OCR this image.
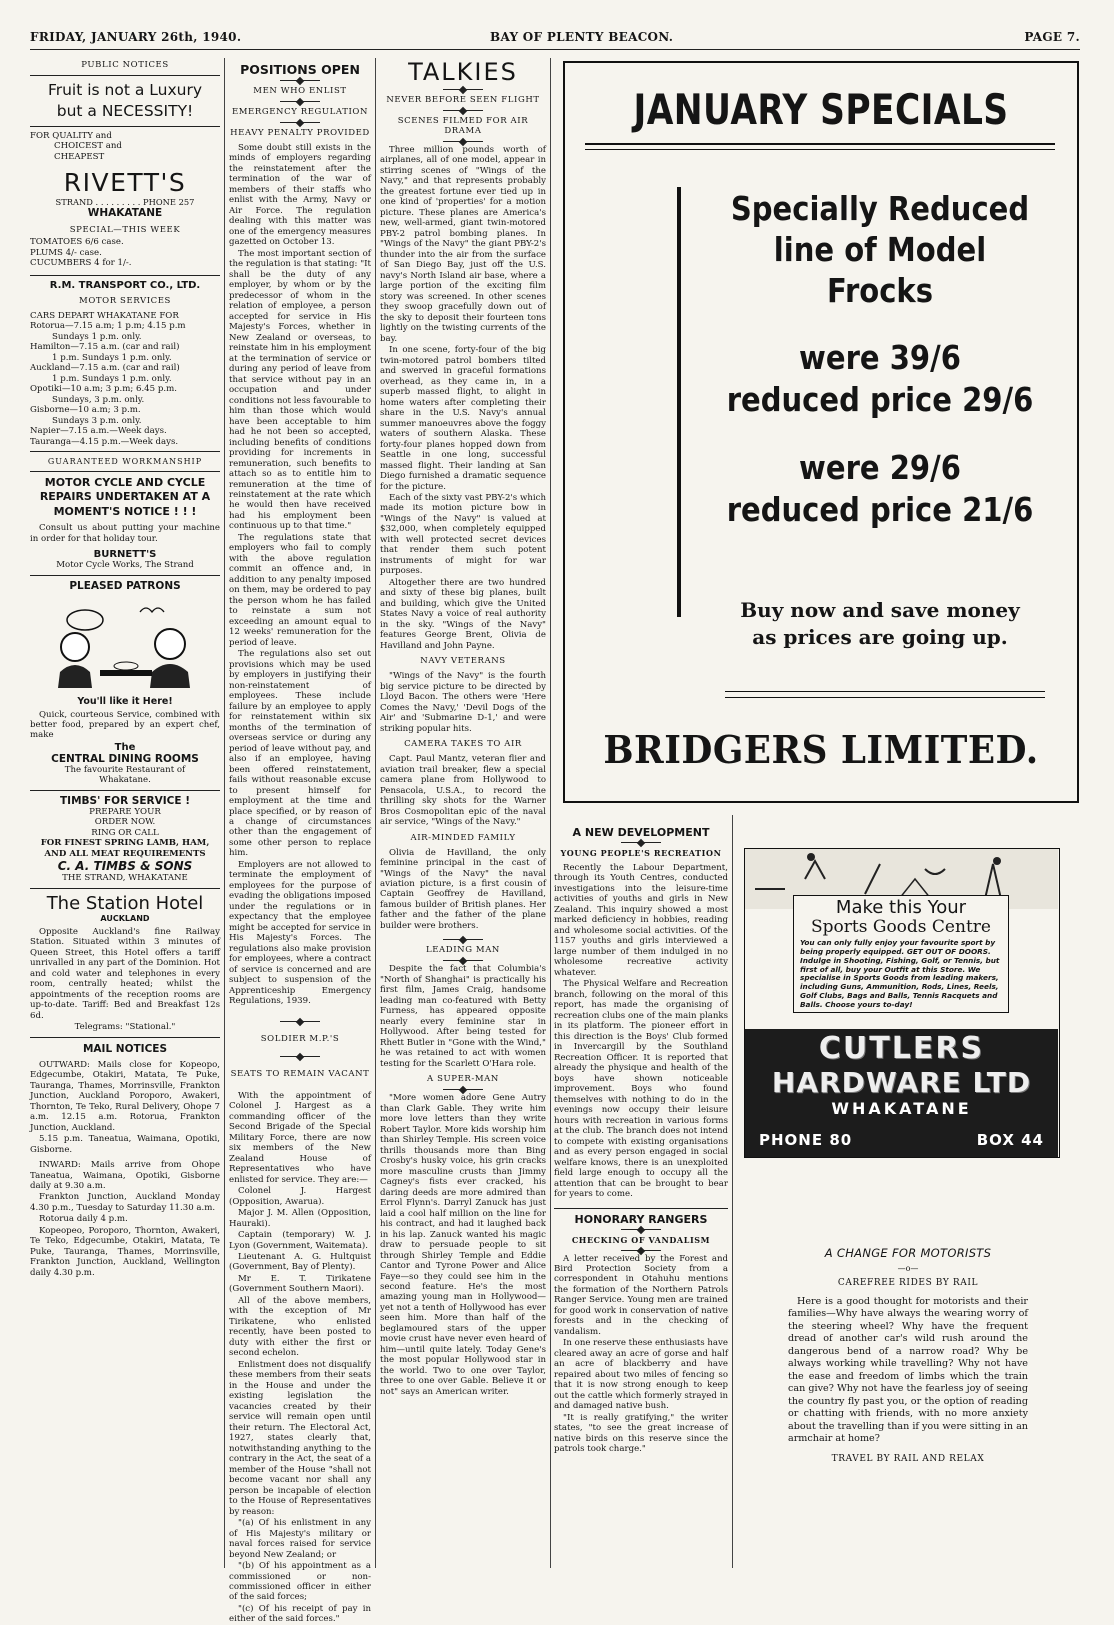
FRIDAY, JANUARY 26th, 1940.	BAY OF PLENTY BEACON.	PAGE 7.
PUBLIC NOTICES
Fruit is not a Luxury
but a NECESSITY!
FOR QUALITY and
CHOICEST and
CHEAPEST
RIVETT'S
STRAND . . . . . . . . . PHONE 257
WHAKATANE
SPECIAL—THIS WEEK
TOMATOES 6/6 case.
PLUMS 4/- case.
CUCUMBERS 4 for 1/-.
R.M. TRANSPORT CO., LTD.
MOTOR SERVICES
CARS DEPART WHAKATANE FOR
Rotorua—7.15 a.m; 1 p.m; 4.15 p.m
Sundays 1 p.m. only.
Hamilton—7.15 a.m. (car and rail)
1 p.m. Sundays 1 p.m. only.
Auckland—7.15 a.m. (car and rail)
1 p.m. Sundays 1 p.m. only.
Opotiki—10 a.m; 3 p.m; 6.45 p.m.
Sundays, 3 p.m. only.
Gisborne—10 a.m; 3 p.m.
Sundays 3 p.m. only.
Napier—7.15 a.m.—Week days.
Tauranga—4.15 p.m.—Week days.
GUARANTEED WORKMANSHIP
MOTOR CYCLE AND CYCLE REPAIRS UNDERTAKEN AT A MOMENT'S NOTICE ! ! !

Consult us about putting your machine in order for that holiday tour.

BURNETT'S
Motor Cycle Works, The Strand
PLEASED PATRONS
You'll like it Here!

Quick, courteous Service, combined with better food, prepared by an expert chef, make

The
CENTRAL DINING ROOMS
The favourite Restaurant of Whakatane.
TIMBS' FOR SERVICE !
PREPARE YOUR
ORDER NOW.
RING OR CALL
FOR FINEST SPRING LAMB, HAM, AND ALL MEAT REQUIREMENTS
C. A. TIMBS & SONS
THE STRAND, WHAKATANE
The Station Hotel
AUCKLAND

Opposite Auckland's fine Railway Station. Situated within 3 minutes of Queen Street, this Hotel offers a tariff unrivalled in any part of the Dominion. Hot and cold water and telephones in every room, centrally heated; whilst the appointments of the reception rooms are up-to-date. Tariff: Bed and Breakfast 12s 6d.

Telegrams: "Stational."
MAIL NOTICES

OUTWARD: Mails close for Kopeopo, Edgecumbe, Otakiri, Matata, Te Puke, Tauranga, Thames, Morrinsville, Frankton Junction, Auckland Poroporo, Awakeri, Thornton, Te Teko, Rural Delivery, Ohope 7 a.m. 12.15 a.m. Rotorua, Frankton Junction, Auckland.

5.15 p.m. Taneatua, Waimana, Opotiki, Gisborne.

INWARD: Mails arrive from Ohope Taneatua, Waimana, Opotiki, Gisborne daily at 9.30 a.m.

Frankton Junction, Auckland Monday 4.30 p.m., Tuesday to Saturday 11.30 a.m.

Rotorua daily 4 p.m.

Kopeopeo, Poroporo, Thornton, Awakeri, Te Teko, Edgecumbe, Otakiri, Matata, Te Puke, Tauranga, Thames, Morrinsville, Frankton Junction, Auckland, Wellington daily 4.30 p.m.

POSITIONS OPEN
MEN WHO ENLIST
EMERGENCY REGULATION
HEAVY PENALTY PROVIDED

Some doubt still exists in the minds of employers regarding the reinstatement after the termination of the war of members of their staffs who enlist with the Army, Navy or Air Force. The regulation dealing with this matter was one of the emergency measures gazetted on October 13.

The most important section of the regulation is that stating: "It shall be the duty of any employer, by whom or by the predecessor of whom in the relation of employee, a person accepted for service in His Majesty's Forces, whether in New Zealand or overseas, to reinstate him in his employment at the termination of service or during any period of leave from that service without pay in an occupation and under conditions not less favourable to him than those which would have been acceptable to him had he not been so accepted, including benefits of conditions providing for increments in remuneration, such benefits to attach so as to entitle him to remuneration at the time of reinstatement at the rate which he would then have received had his employment been continuous up to that time."

The regulations state that employers who fail to comply with the above regulation commit an offence and, in addition to any penalty imposed on them, may be ordered to pay the person whom he has failed to reinstate a sum not exceeding an amount equal to 12 weeks' remuneration for the period of leave.

The regulations also set out provisions which may be used by employers in justifying their non-reinstatement of employees. These include failure by an employee to apply for reinstatement within six months of the termination of overseas service or during any period of leave without pay, and also if an employee, having been offered reinstatement, fails without reasonable excuse to present himself for employment at the time and place specified, or by reason of a change of circumstances other than the engagement of some other person to replace him.

Employers are not allowed to terminate the employment of employees for the purpose of evading the obligations imposed under the regulations or in expectancy that the employee might be accepted for service in His Majesty's Forces. The regulations also make provision for employees, where a contract of service is concerned and are subject to suspension of the Apprenticeship Emergency Regulations, 1939.

SOLDIER M.P.'S
SEATS TO REMAIN VACANT

With the appointment of Colonel J. Hargest as a commanding officer of the Second Brigade of the Special Military Force, there are now six members of the New Zealand House of Representatives who have enlisted for service. They are:—

Colonel J. Hargest (Opposition, Awarua).

Major J. M. Allen (Opposition, Hauraki).

Captain (temporary) W. J. Lyon (Government, Waitemata).

Lieutenant A. G. Hultquist (Government, Bay of Plenty).

Mr E. T. Tirikatene (Government Southern Maori).

All of the above members, with the exception of Mr Tirikatene, who enlisted recently, have been posted to duty with either the first or second echelon.

Enlistment does not disqualify these members from their seats in the House and under the existing legislation the vacancies created by their service will remain open until their return. The Electoral Act, 1927, states clearly that, notwithstanding anything to the contrary in the Act, the seat of a member of the House "shall not become vacant nor shall any person be incapable of election to the House of Representatives by reason:

"(a) Of his enlistment in any of His Majesty's military or naval forces raised for service beyond New Zealand; or

"(b) Of his appointment as a commissioned or non-commissioned officer in either of the said forces;

"(c) Of his receipt of pay in either of the said forces."

TALKIES
NEVER BEFORE SEEN FLIGHT
SCENES FILMED FOR AIR DRAMA

Three million pounds worth of airplanes, all of one model, appear in stirring scenes of "Wings of the Navy," and that represents probably the greatest fortune ever tied up in one kind of 'properties' for a motion picture. These planes are America's new, well-armed, giant twin-motored PBY-2 patrol bombing planes. In "Wings of the Navy" the giant PBY-2's thunder into the air from the surface of San Diego Bay, just off the U.S. navy's North Island air base, where a large portion of the exciting film story was screened. In other scenes they swoop gracefully down out of the sky to deposit their fourteen tons lightly on the twisting currents of the bay.

In one scene, forty-four of the big twin-motored patrol bombers tilted and swerved in graceful formations overhead, as they came in, in a superb massed flight, to alight in home waters after completing their share in the U.S. Navy's annual summer manoeuvres above the foggy waters of southern Alaska. These forty-four planes hopped down from Seattle in one long, successful massed flight. Their landing at San Diego furnished a dramatic sequence for the picture.

Each of the sixty vast PBY-2's which made its motion picture bow in "Wings of the Navy" is valued at $32,000, when completely equipped with well protected secret devices that render them such potent instruments of might for war purposes.

Altogether there are two hundred and sixty of these big planes, built and building, which give the United States Navy a voice of real authority in the sky. "Wings of the Navy" features George Brent, Olivia de Havilland and John Payne.

NAVY VETERANS

"Wings of the Navy" is the fourth big service picture to be directed by Lloyd Bacon. The others were 'Here Comes the Navy,' 'Devil Dogs of the Air' and 'Submarine D-1,' and were striking popular hits.

CAMERA TAKES TO AIR

Capt. Paul Mantz, veteran flier and aviation trail breaker, flew a special camera plane from Hollywood to Pensacola, U.S.A., to record the thrilling sky shots for the Warner Bros Cosmopolitan epic of the naval air service, "Wings of the Navy."

AIR-MINDED FAMILY

Olivia de Havilland, the only feminine principal in the cast of "Wings of the Navy" the naval aviation picture, is a first cousin of Captain Geoffrey de Havilland, famous builder of British planes. Her father and the father of the plane builder were brothers.

LEADING MAN

Despite the fact that Columbia's "North of Shanghai" is practically his first film, James Craig, handsome leading man co-featured with Betty Furness, has appeared opposite nearly every feminine star in Hollywood. After being tested for Rhett Butler in "Gone with the Wind," he was retained to act with women testing for the Scarlett O'Hara role.

A SUPER-MAN

"More women adore Gene Autry than Clark Gable. They write him more love letters than they write Robert Taylor. More kids worship him than Shirley Temple. His screen voice thrills thousands more than Bing Crosby's husky voice, his grin cracks more masculine crusts than Jimmy Cagney's fists ever cracked, his daring deeds are more admired than Errol Flynn's. Darryl Zanuck has just laid a cool half million on the line for his contract, and had it laughed back in his lap. Zanuck wanted his magic draw to persuade people to sit through Shirley Temple and Eddie Cantor and Tyrone Power and Alice Faye—so they could see him in the second feature. He's the most amazing young man in Hollywood—yet not a tenth of Hollywood has ever seen him. More than half of the beglamoured stars of the upper movie crust have never even heard of him—until quite lately. Today Gene's the most popular Hollywood star in the world. Two to one over Taylor, three to one over Gable. Believe it or not" says an American writer.

JANUARY SPECIALS
Specially Reduced
line of Model
Frocks
were 39/6
reduced price 29/6
were 29/6
reduced price 21/6
Buy now and save money
as prices are going up.
BRIDGERS LIMITED.
A NEW DEVELOPMENT
YOUNG PEOPLE'S RECREATION

Recently the Labour Department, through its Youth Centres, conducted investigations into the leisure-time activities of youths and girls in New Zealand. This inquiry showed a most marked deficiency in hobbies, reading and wholesome social activities. Of the 1157 youths and girls interviewed a large number of them indulged in no wholesome recreative activity whatever.

The Physical Welfare and Recreation branch, following on the moral of this report, has made the organising of recreation clubs one of the main planks in its platform. The pioneer effort in this direction is the Boys' Club formed in Invercargill by the Southland Recreation Officer. It is reported that already the physique and health of the boys have shown noticeable improvement. Boys who found themselves with nothing to do in the evenings now occupy their leisure hours with recreation in various forms at the club. The branch does not intend to compete with existing organisations and as every person engaged in social welfare knows, there is an unexploited field large enough to occupy all the attention that can be brought to bear for years to come.

HONORARY RANGERS
CHECKING OF VANDALISM

A letter received by the Forest and Bird Protection Society from a correspondent in Otahuhu mentions the formation of the Northern Patrols Ranger Service. Young men are trained for good work in conservation of native forests and in the checking of vandalism.

In one reserve these enthusiasts have cleared away an acre of gorse and half an acre of blackberry and have repaired about two miles of fencing so that it is now strong enough to keep out the cattle which formerly strayed in and damaged native bush.

"It is really gratifying," the writer states, "to see the great increase of native birds on this reserve since the patrols took charge."

Make this Your
Sports Goods Centre
You can only fully enjoy your favourite sport by being properly equipped. GET OUT OF DOORS. Indulge in Shooting, Fishing, Golf, or Tennis, but first of all, buy your Outfit at this Store. We specialise in Sports Goods from leading makers, including Guns, Ammunition, Rods, Lines, Reels, Golf Clubs, Bags and Balls, Tennis Racquets and Balls. Choose yours to-day!
CUTLERS
HARDWARE LTD
WHAKATANE
PHONE 80	BOX 44
A CHANGE FOR MOTORISTS
—o—
CAREFREE RIDES BY RAIL

Here is a good thought for motorists and their families—Why have always the wearing worry of the steering wheel? Why have the frequent dread of another car's wild rush around the dangerous bend of a narrow road? Why be always working while travelling? Why not have the ease and freedom of limbs which the train can give? Why not have the fearless joy of seeing the country fly past you, or the option of reading or chatting with friends, with no more anxiety about the travelling than if you were sitting in an armchair at home?

TRAVEL BY RAIL AND RELAX
